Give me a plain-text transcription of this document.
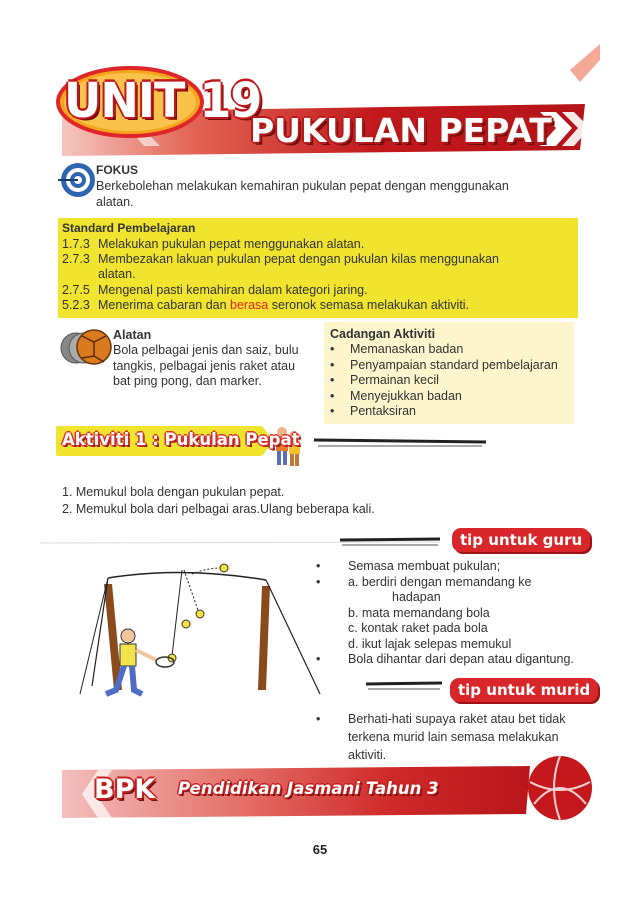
UNIT 19
PUKULAN PEPAT
FOKUS
Berkebolehan melakukan kemahiran pukulan pepat dengan menggunakan alatan.
Standard Pembelajaran
1.7.3 Melakukan pukulan pepat menggunakan alatan.
2.7.3 Membezakan lakuan pukulan pepat dengan pukulan kilas menggunakan alatan.
2.7.5 Mengenal pasti kemahiran dalam kategori jaring.
5.2.3 Menerima cabaran dan berasa seronok semasa melakukan aktiviti.
Alatan
Bola pelbagai jenis dan saiz, bulu tangkis, pelbagai jenis raket atau bat ping pong, dan marker.
Cadangan Aktiviti
• Memanaskan badan
• Penyampaian standard pembelajaran
• Permainan kecil
• Menyejukkan badan
• Pentaksiran
Aktiviti 1 : Pukulan Pepat
1. Memukul bola dengan pukulan pepat.
2. Memukul bola dari pelbagai aras.Ulang beberapa kali.
tip untuk guru
• Semasa membuat pukulan;
• a. berdiri dengan memandang ke
hadapan
b. mata memandang bola
c. kontak raket pada bola
d. ikut lajak selepas memukul
• Bola dihantar dari depan atau digantung.
tip untuk murid
• Berhati-hati supaya raket atau bet tidak terkena murid lain semasa melakukan aktiviti.
BPK Pendidikan Jasmani Tahun 3
65
